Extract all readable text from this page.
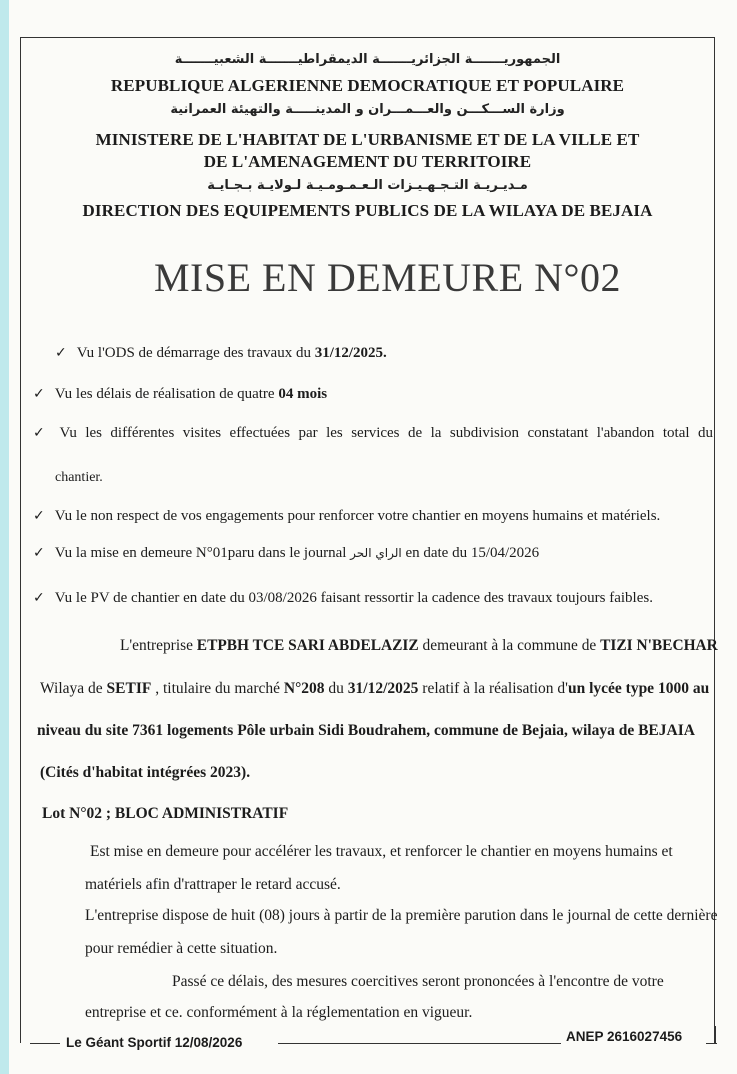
الجمهوريـــــــة الجزائريـــــــة الديمقراطيـــــــة الشعبيـــــــة
REPUBLIQUE ALGERIENNE DEMOCRATIQUE ET POPULAIRE
وزارة الســـكـــن والعـــمـــران و المدينـــــة والتهيئة العمرانية
MINISTERE DE L'HABITAT DE L'URBANISME ET DE LA VILLE ET
DE L'AMENAGEMENT DU TERRITOIRE
مـديـريـة التـجـهـيـزات الـعـمـومـيـة لـولايـة بـجـايـة
DIRECTION DES EQUIPEMENTS PUBLICS DE LA WILAYA DE BEJAIA
MISE EN DEMEURE N°02
✓ Vu l'ODS de démarrage des travaux du 31/12/2025.
✓ Vu les délais de réalisation de quatre 04 mois
✓ Vu les différentes visites effectuées par les services de la subdivision constatant l'abandon total du
chantier.
✓ Vu le non respect de vos engagements pour renforcer votre chantier en moyens humains et matériels.
✓ Vu la mise en demeure N°01paru dans le journal الراي الحر en date du 15/04/2026
✓ Vu le PV de chantier en date du 03/08/2026 faisant ressortir la cadence des travaux toujours faibles.
L'entreprise ETPBH TCE SARI ABDELAZIZ demeurant à la commune de TIZI N'BECHAR
Wilaya de SETIF , titulaire du marché N°208 du 31/12/2025 relatif à la réalisation d'un lycée type 1000 au
niveau du site 7361 logements Pôle urbain Sidi Boudrahem, commune de Bejaia, wilaya de BEJAIA
(Cités d'habitat intégrées 2023).
Lot N°02 ; BLOC ADMINISTRATIF
Est mise en demeure pour accélérer les travaux, et renforcer le chantier en moyens humains et
matériels afin d'rattraper le retard accusé.
L'entreprise dispose de huit (08) jours à partir de la première parution dans le journal de cette dernière
pour remédier à cette situation.
Passé ce délais, des mesures coercitives seront prononcées à l'encontre de votre
entreprise et ce. conformément à la réglementation en vigueur.
Le Géant Sportif 12/08/2026	ANEP 2616027456
